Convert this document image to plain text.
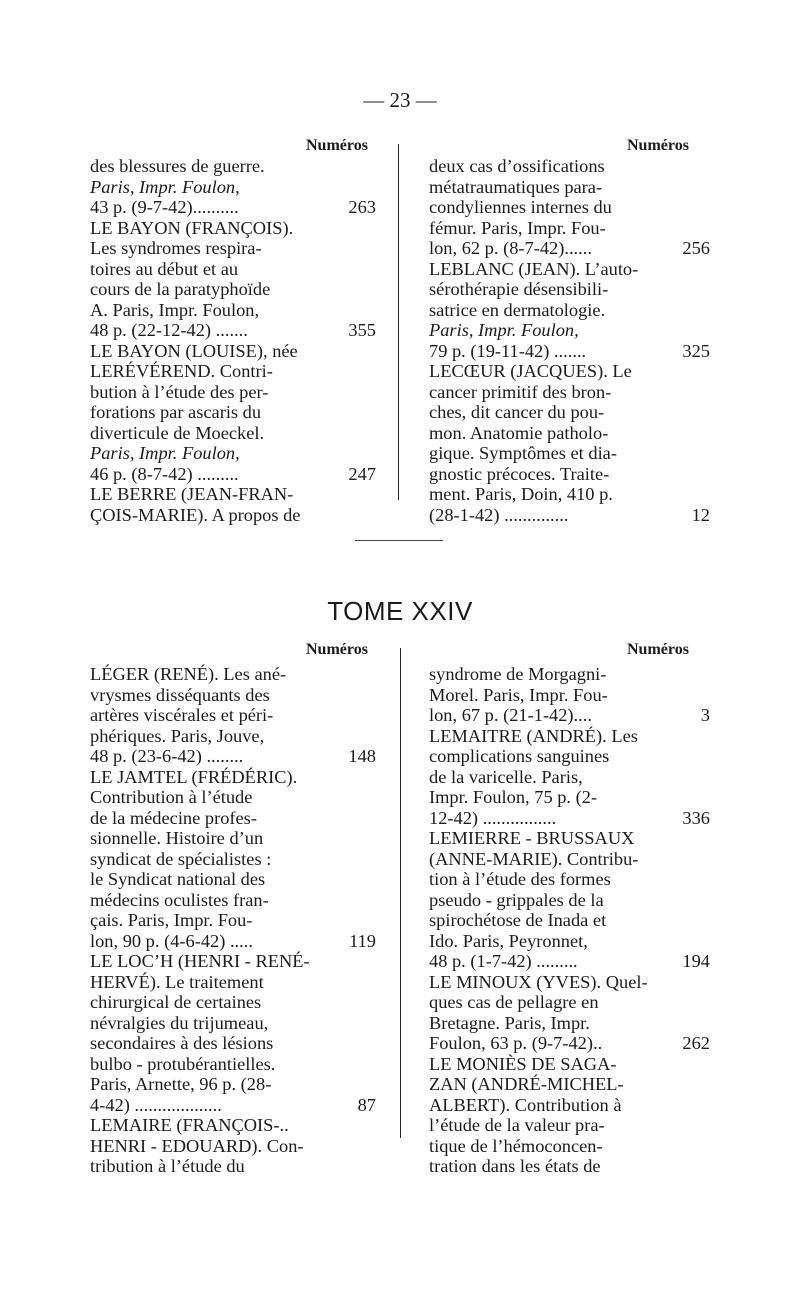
— 23 —
Numéros	Numéros
des blessures de guerre.
Paris, Impr. Foulon,
43 p. (9-7-42)..........
LE BAYON (FRANÇOIS).
Les syndromes respira-
toires au début et au
cours de la paratyphoïde
A. Paris, Impr. Foulon,
48 p. (22-12-42) .......
LE BAYON (LOUISE), née
LERÉVÉREND. Contri-
bution à l’étude des per-
forations par ascaris du
diverticule de Moeckel.
Paris, Impr. Foulon,
46 p. (8-7-42) .........
LE BERRE (JEAN-FRAN-
ÇOIS-MARIE). A propos de
263
355
247
deux cas d’ossifications
métatraumatiques para-
condyliennes internes du
fémur. Paris, Impr. Fou-
lon, 62 p. (8-7-42)......
LEBLANC (JEAN). L’auto-
sérothérapie désensibili-
satrice en dermatologie.
Paris, Impr. Foulon,
79 p. (19-11-42) .......
LECŒUR (JACQUES). Le
cancer primitif des bron-
ches, dit cancer du pou-
mon. Anatomie patholo-
gique. Symptômes et dia-
gnostic précoces. Traite-
ment. Paris, Doin, 410 p.
(28-1-42) ..............
256
325
12
TOME XXIV
Numéros	Numéros
LÉGER (RENÉ). Les ané-
vrysmes disséquants des
artères viscérales et péri-
phériques. Paris, Jouve,
48 p. (23-6-42) ........
LE JAMTEL (FRÉDÉRIC).
Contribution à l’étude
de la médecine profes-
sionnelle. Histoire d’un
syndicat de spécialistes :
le Syndicat national des
médecins oculistes fran-
çais. Paris, Impr. Fou-
lon, 90 p. (4-6-42) .....
LE LOC’H (HENRI - RENÉ-
HERVÉ). Le traitement
chirurgical de certaines
névralgies du trijumeau,
secondaires à des lésions
bulbo - protubérantielles.
Paris, Arnette, 96 p. (28-
4-42) ...................
LEMAIRE (FRANÇOIS-..
HENRI - EDOUARD). Con-
tribution à l’étude du
148
119
87
syndrome de Morgagni-
Morel. Paris, Impr. Fou-
lon, 67 p. (21-1-42)....
LEMAITRE (ANDRÉ). Les
complications sanguines
de la varicelle. Paris,
Impr. Foulon, 75 p. (2-
12-42) ................
LEMIERRE - BRUSSAUX
(ANNE-MARIE). Contribu-
tion à l’étude des formes
pseudo - grippales de la
spirochétose de Inada et
Ido. Paris, Peyronnet,
48 p. (1-7-42) .........
LE MINOUX (YVES). Quel-
ques cas de pellagre en
Bretagne. Paris, Impr.
Foulon, 63 p. (9-7-42)..
LE MONIÈS DE SAGA-
ZAN (ANDRÉ-MICHEL-
ALBERT). Contribution à
l’étude de la valeur pra-
tique de l’hémoconcen-
tration dans les états de
3
336
194
262
